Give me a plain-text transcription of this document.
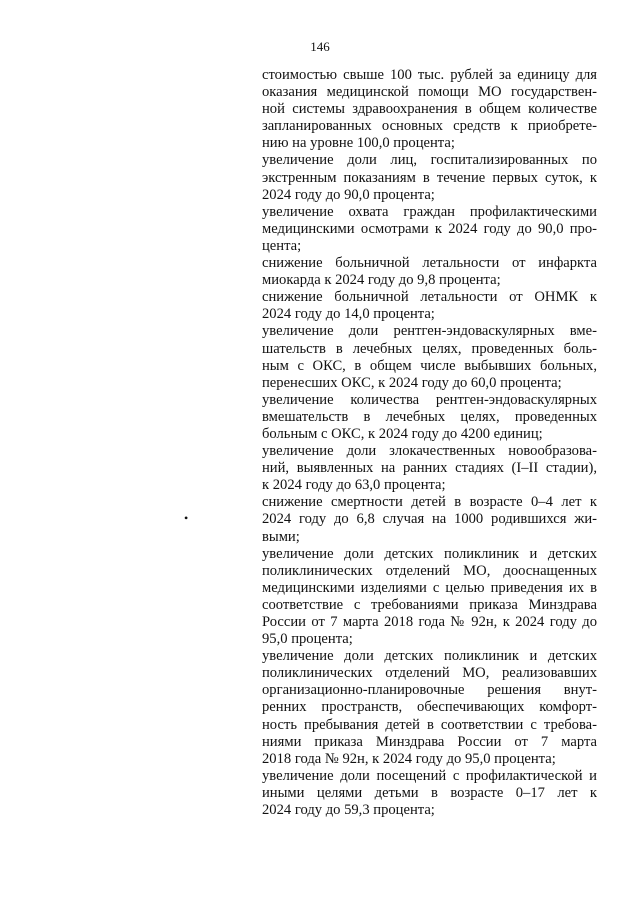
146
•
стоимостью свыше 100 тыс. рублей за единицу для
оказания медицинской помощи МО государствен-
ной системы здравоохранения в общем количестве
запланированных основных средств к приобрете-
нию на уровне 100,0 процента;
увеличение доли лиц, госпитализированных по
экстренным показаниям в течение первых суток, к
2024 году до 90,0 процента;
увеличение охвата граждан профилактическими
медицинскими осмотрами к 2024 году до 90,0 про-
цента;
снижение больничной летальности от инфаркта
миокарда к 2024 году до 9,8 процента;
снижение больничной летальности от ОНМК к
2024 году до 14,0 процента;
увеличение доли рентген-эндоваскулярных вме-
шательств в лечебных целях, проведенных боль-
ным с ОКС, в общем числе выбывших больных,
перенесших ОКС, к 2024 году до 60,0 процента;
увеличение количества рентген-эндоваскулярных
вмешательств в лечебных целях, проведенных
больным с ОКС, к 2024 году до 4200 единиц;
увеличение доли злокачественных новообразова-
ний, выявленных на ранних стадиях (I–II стадии),
к 2024 году до 63,0 процента;
снижение смертности детей в возрасте 0–4 лет к
2024 году до 6,8 случая на 1000 родившихся жи-
выми;
увеличение доли детских поликлиник и детских
поликлинических отделений МО, дооснащенных
медицинскими изделиями с целью приведения их в
соответствие с требованиями приказа Минздрава
России от 7 марта 2018 года № 92н, к 2024 году до
95,0 процента;
увеличение доли детских поликлиник и детских
поликлинических отделений МО, реализовавших
организационно-планировочные решения внут-
ренних пространств, обеспечивающих комфорт-
ность пребывания детей в соответствии с требова-
ниями приказа Минздрава России от 7 марта
2018 года № 92н, к 2024 году до 95,0 процента;
увеличение доли посещений с профилактической и
иными целями детьми в возрасте 0–17 лет к
2024 году до 59,3 процента;
